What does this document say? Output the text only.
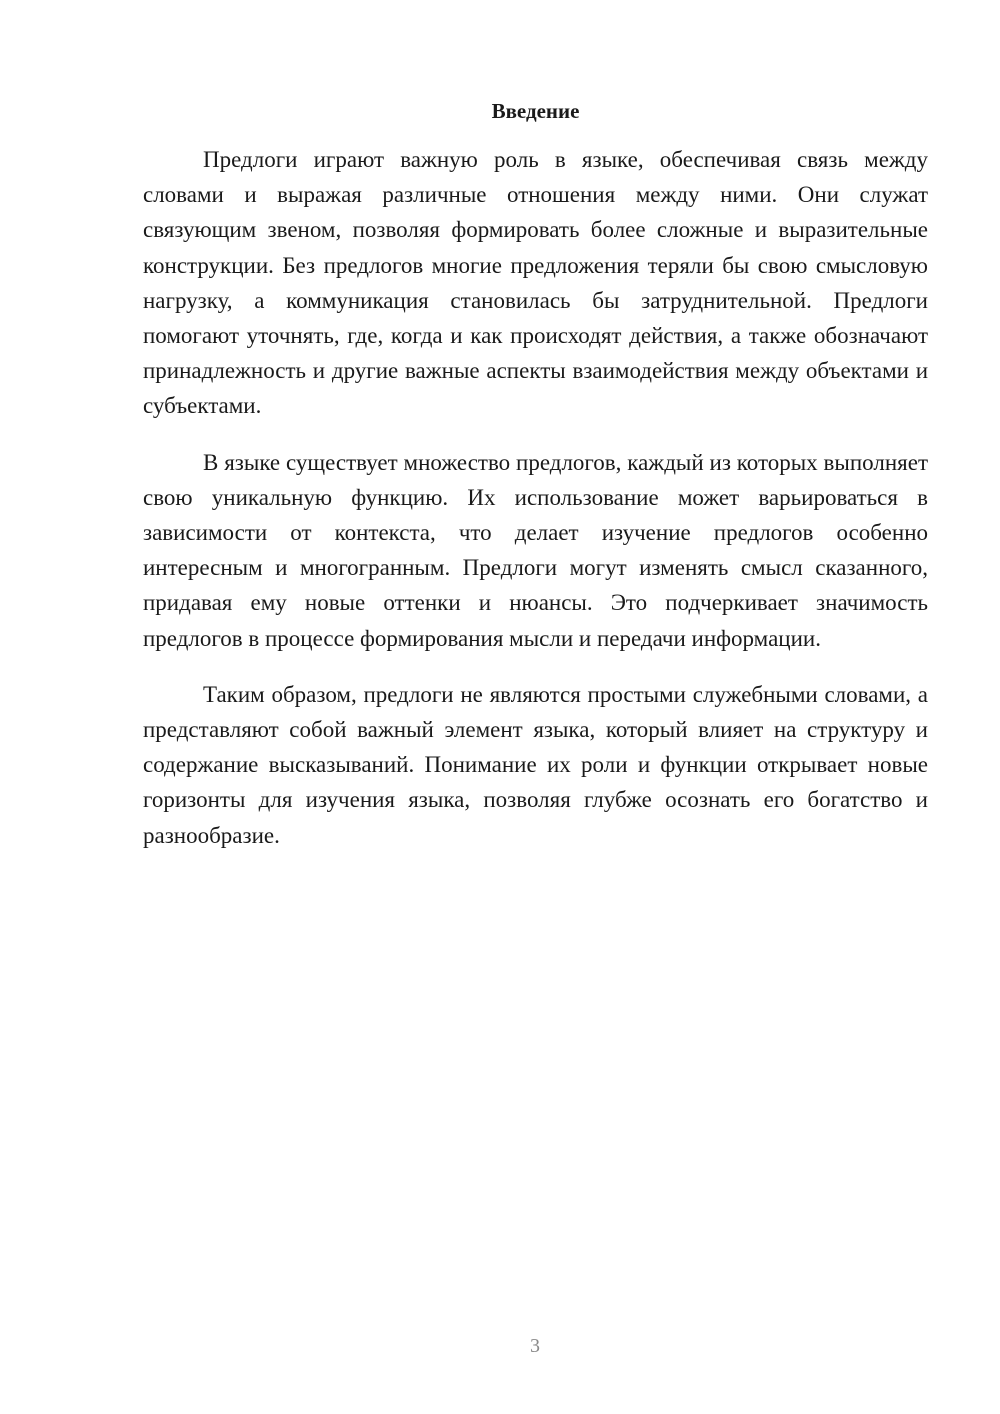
Введение

Предлоги играют важную роль в языке, обеспечивая связь между словами и выражая различные отношения между ними. Они служат связующим звеном, позволяя формировать более сложные и выразительные конструкции. Без предлогов многие предложения теряли бы свою смысловую нагрузку, а коммуникация становилась бы затруднительной. Предлоги помогают уточнять, где, когда и как происходят действия, а также обозначают принадлежность и другие важные аспекты взаимодействия между объектами и субъектами.

В языке существует множество предлогов, каждый из которых выполняет свою уникальную функцию. Их использование может варьироваться в зависимости от контекста, что делает изучение предлогов особенно интересным и многогранным. Предлоги могут изменять смысл сказанного, придавая ему новые оттенки и нюансы. Это подчеркивает значимость предлогов в процессе формирования мысли и передачи информации.

Таким образом, предлоги не являются простыми служебными словами, а представляют собой важный элемент языка, который влияет на структуру и содержание высказываний. Понимание их роли и функции открывает новые горизонты для изучения языка, позволяя глубже осознать его богатство и разнообразие.

3
